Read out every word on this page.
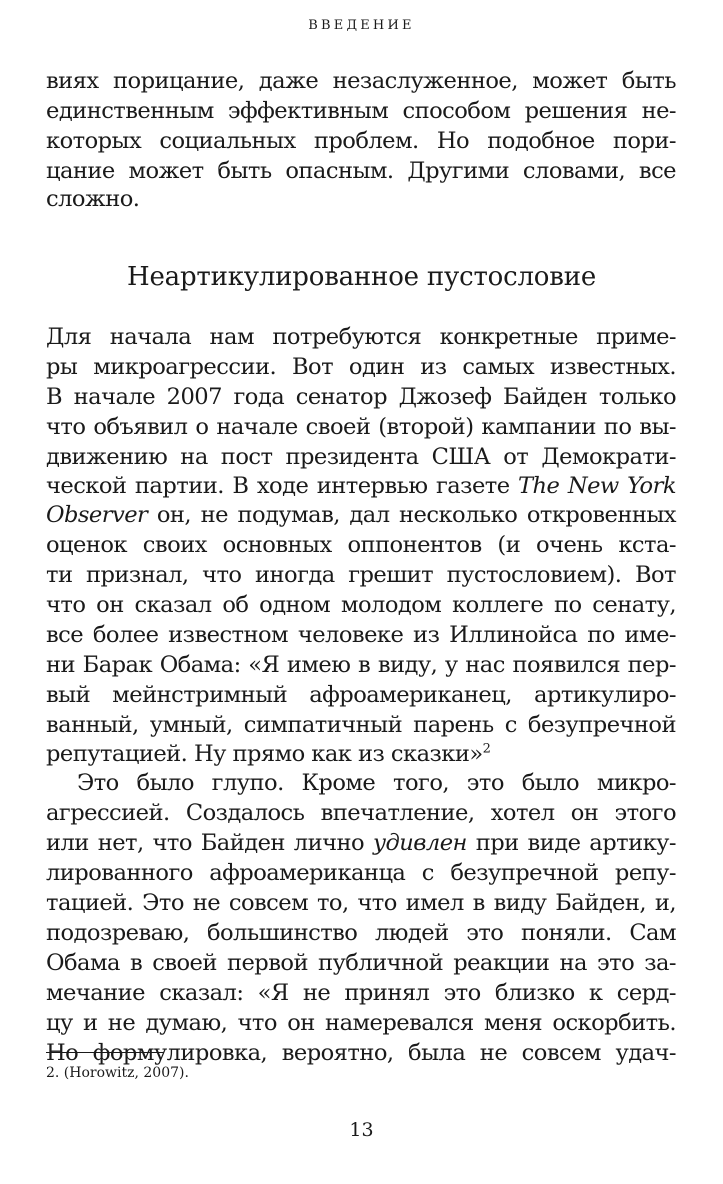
ВВЕДЕНИЕ
виях порицание, даже незаслуженное, может быть
единственным эффективным способом решения не-
которых социальных проблем. Но подобное пори-
цание может быть опасным. Другими словами, все
сложно.
Неартикулированное пустословие
Для начала нам потребуются конкретные приме-
ры микроагрессии. Вот один из самых известных.
В начале 2007 года сенатор Джозеф Байден только
что объявил о начале своей (второй) кампании по вы-
движению на пост президента США от Демократи-
ческой партии. В ходе интервью газете The New York
Observer он, не подумав, дал несколько откровенных
оценок своих основных оппонентов (и очень кста-
ти признал, что иногда грешит пустословием). Вот
что он сказал об одном молодом коллеге по сенату,
все более известном человеке из Иллинойса по име-
ни Барак Обама: «Я имею в виду, у нас появился пер-
вый мейнстримный афроамериканец, артикулиро-
ванный, умный, симпатичный парень с безупречной
репутацией. Ну прямо как из сказки»$^2$
Это было глупо. Кроме того, это было микро-
агрессией. Создалось впечатление, хотел он этого
или нет, что Байден лично удивлен при виде артику-
лированного афроамериканца с безупречной репу-
тацией. Это не совсем то, что имел в виду Байден, и,
подозреваю, большинство людей это поняли. Сам
Обама в своей первой публичной реакции на это за-
мечание сказал: «Я не принял это близко к серд-
цу и не думаю, что он намеревался меня оскорбить.
Но формулировка, вероятно, была не совсем удач-
2. (Horowitz, 2007).
13
